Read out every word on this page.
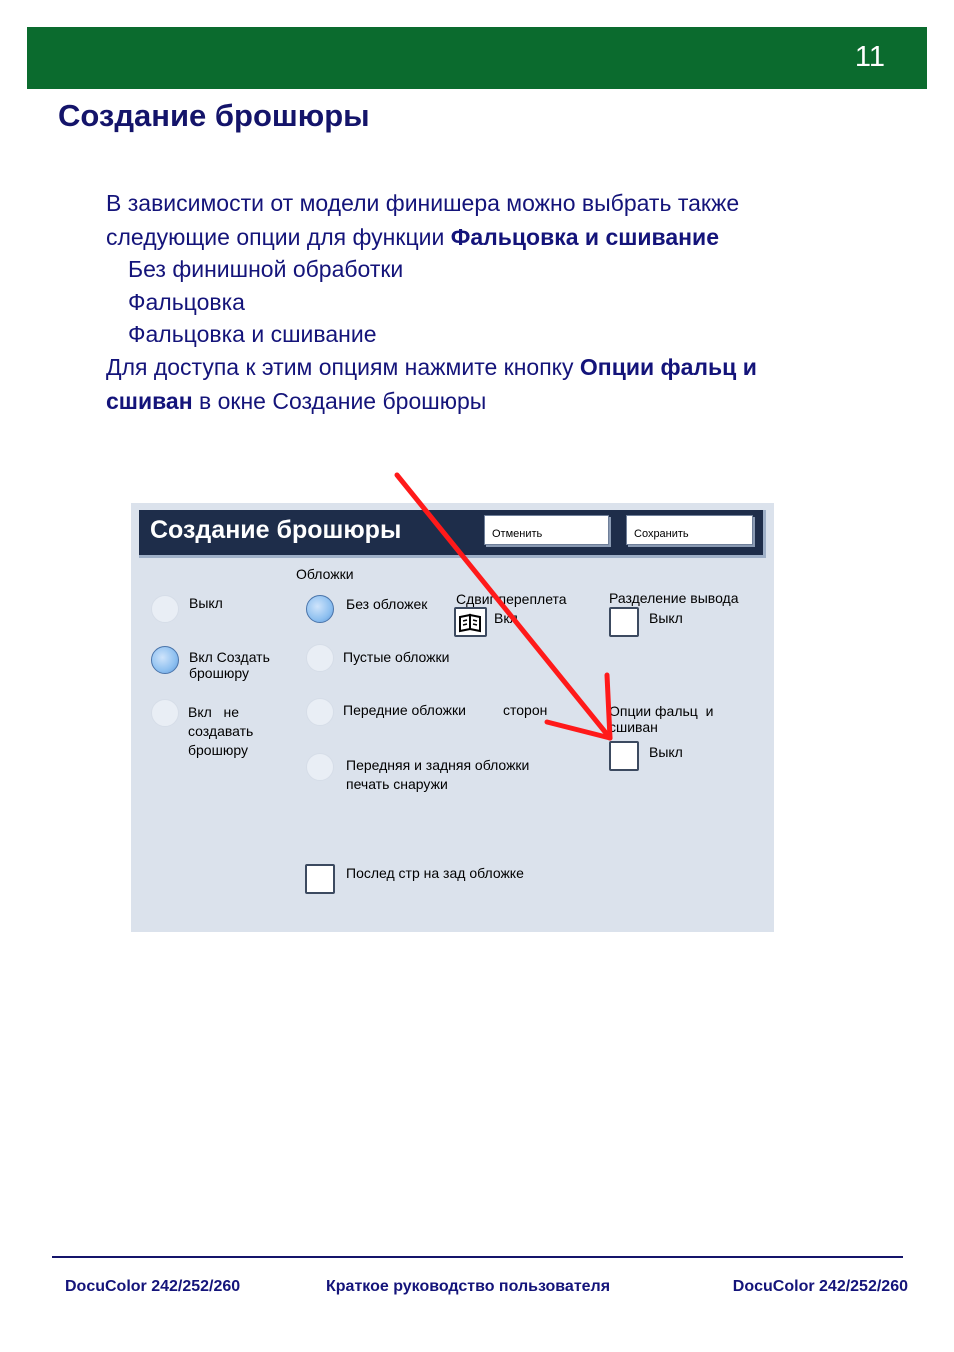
11
Создание брошюры
В зависимости от модели финишера можно выбрать также
следующие опции для функции Фальцовка и сшивание
Без финишной обработки
Фальцовка
Фальцовка и сшивание
Для доступа к этим опциям нажмите кнопку Опции фальц и
сшиван в окне Создание брошюры
Создание брошюры	Отменить	Сохранить
Выкл
Вкл Создать
брошюру
Вкл   не
создавать
брошюру
Обложки
Без обложек
Пустые обложки
Передние обложки	сторон
Передняя и задняя обложки
печать снаружи
Послед стр на зад обложке
Сдвиг переплета
Вкл
Разделение вывода
Выкл
Опции фальц  и
сшиван
Выкл
DocuColor 242/252/260	Краткое руководство пользователя	DocuColor 242/252/260
